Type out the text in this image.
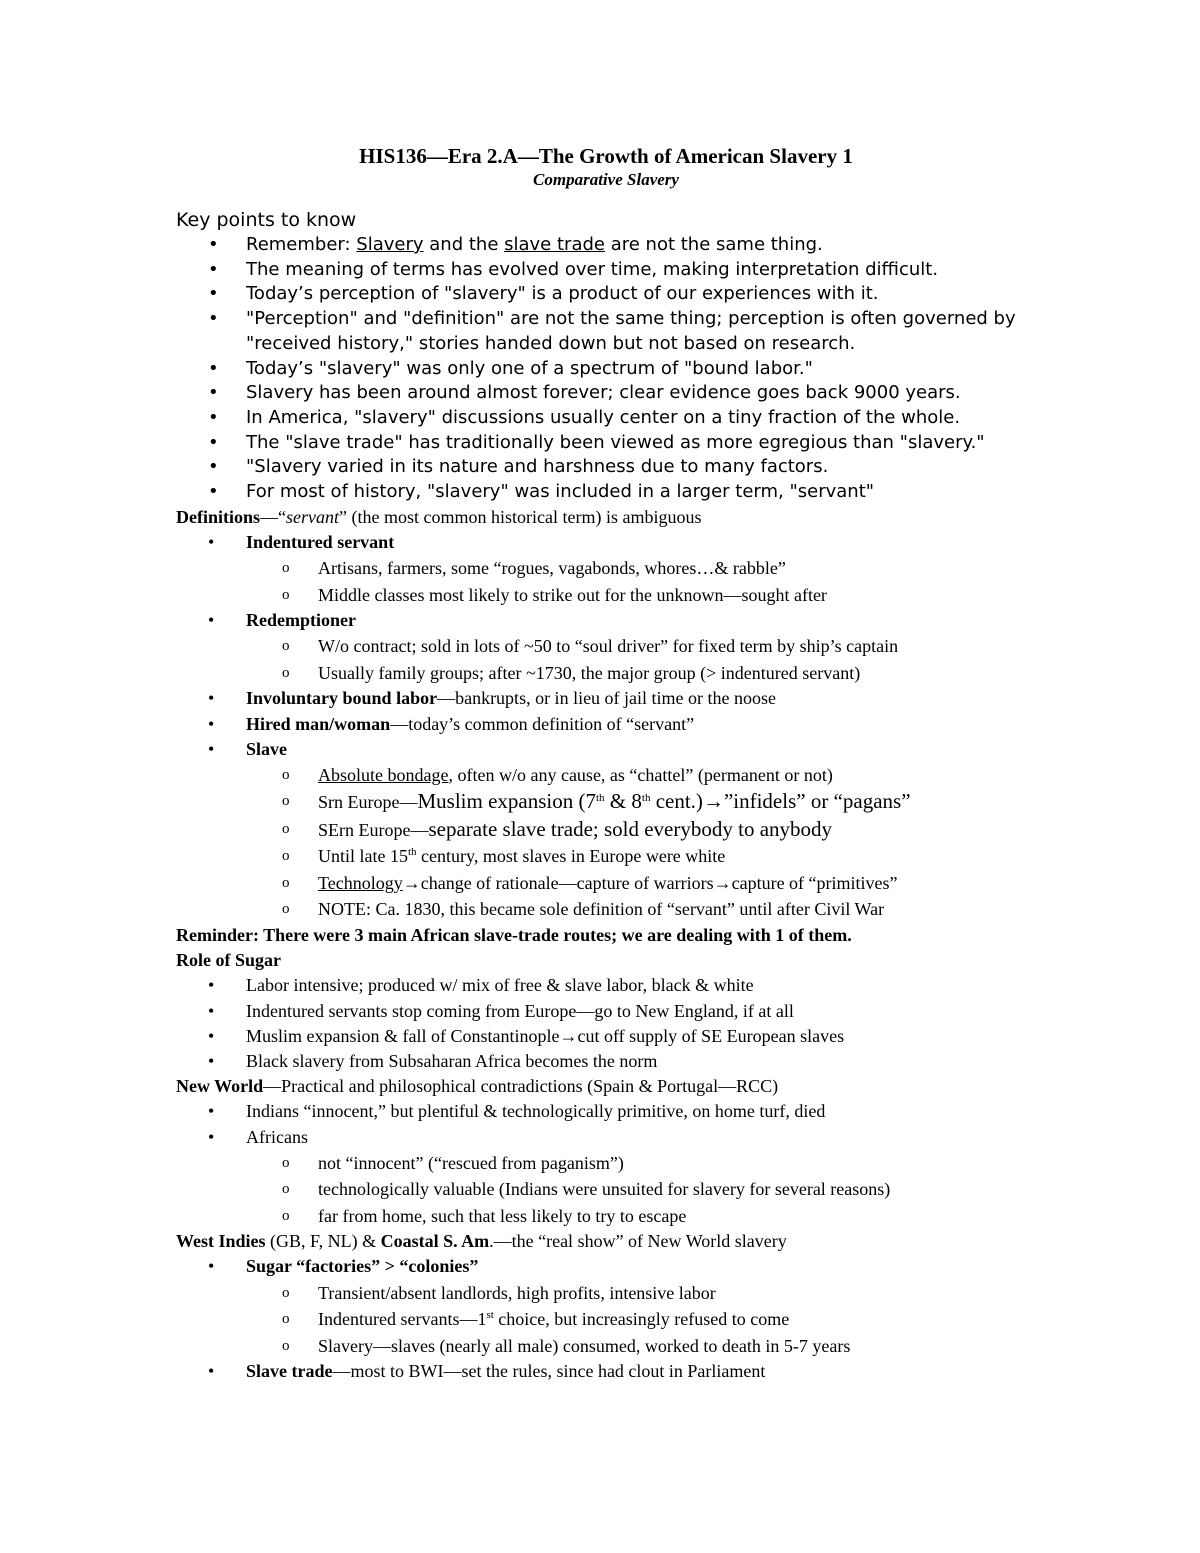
HIS136—Era 2.A—The Growth of American Slavery 1
Comparative Slavery
Key points to know
• Remember: Slavery and the slave trade are not the same thing.
• The meaning of terms has evolved over time, making interpretation difficult.
• Today’s perception of "slavery" is a product of our experiences with it.
• "Perception" and "definition" are not the same thing; perception is often governed by "received history," stories handed down but not based on research.
• Today’s "slavery" was only one of a spectrum of "bound labor."
• Slavery has been around almost forever; clear evidence goes back 9000 years.
• In America, "slavery" discussions usually center on a tiny fraction of the whole.
• The "slave trade" has traditionally been viewed as more egregious than "slavery."
• "Slavery varied in its nature and harshness due to many factors.
• For most of history, "slavery" was included in a larger term, "servant"
Definitions—“servant” (the most common historical term) is ambiguous
• Indentured servant
o Artisans, farmers, some “rogues, vagabonds, whores…& rabble”
o Middle classes most likely to strike out for the unknown—sought after
• Redemptioner
o W/o contract; sold in lots of ~50 to “soul driver” for fixed term by ship’s captain
o Usually family groups; after ~1730, the major group (> indentured servant)
• Involuntary bound labor—bankrupts, or in lieu of jail time or the noose
• Hired man/woman—today’s common definition of “servant”
• Slave
o Absolute bondage, often w/o any cause, as “chattel” (permanent or not)
o Srn Europe—Muslim expansion (7th & 8th cent.)→”infidels” or “pagans”
o SErn Europe—separate slave trade; sold everybody to anybody
o Until late 15th century, most slaves in Europe were white
o Technology→change of rationale—capture of warriors→capture of “primitives”
o NOTE: Ca. 1830, this became sole definition of “servant” until after Civil War
Reminder: There were 3 main African slave-trade routes; we are dealing with 1 of them.
Role of Sugar
• Labor intensive; produced w/ mix of free & slave labor, black & white
• Indentured servants stop coming from Europe—go to New England, if at all
• Muslim expansion & fall of Constantinople→cut off supply of SE European slaves
• Black slavery from Subsaharan Africa becomes the norm
New World—Practical and philosophical contradictions (Spain & Portugal—RCC)
• Indians “innocent,” but plentiful & technologically primitive, on home turf, died
• Africans
o not “innocent” (“rescued from paganism”)
o technologically valuable (Indians were unsuited for slavery for several reasons)
o far from home, such that less likely to try to escape
West Indies (GB, F, NL) & Coastal S. Am.—the “real show” of New World slavery
• Sugar “factories” > “colonies”
o Transient/absent landlords, high profits, intensive labor
o Indentured servants—1st choice, but increasingly refused to come
o Slavery—slaves (nearly all male) consumed, worked to death in 5-7 years
• Slave trade—most to BWI—set the rules, since had clout in Parliament
